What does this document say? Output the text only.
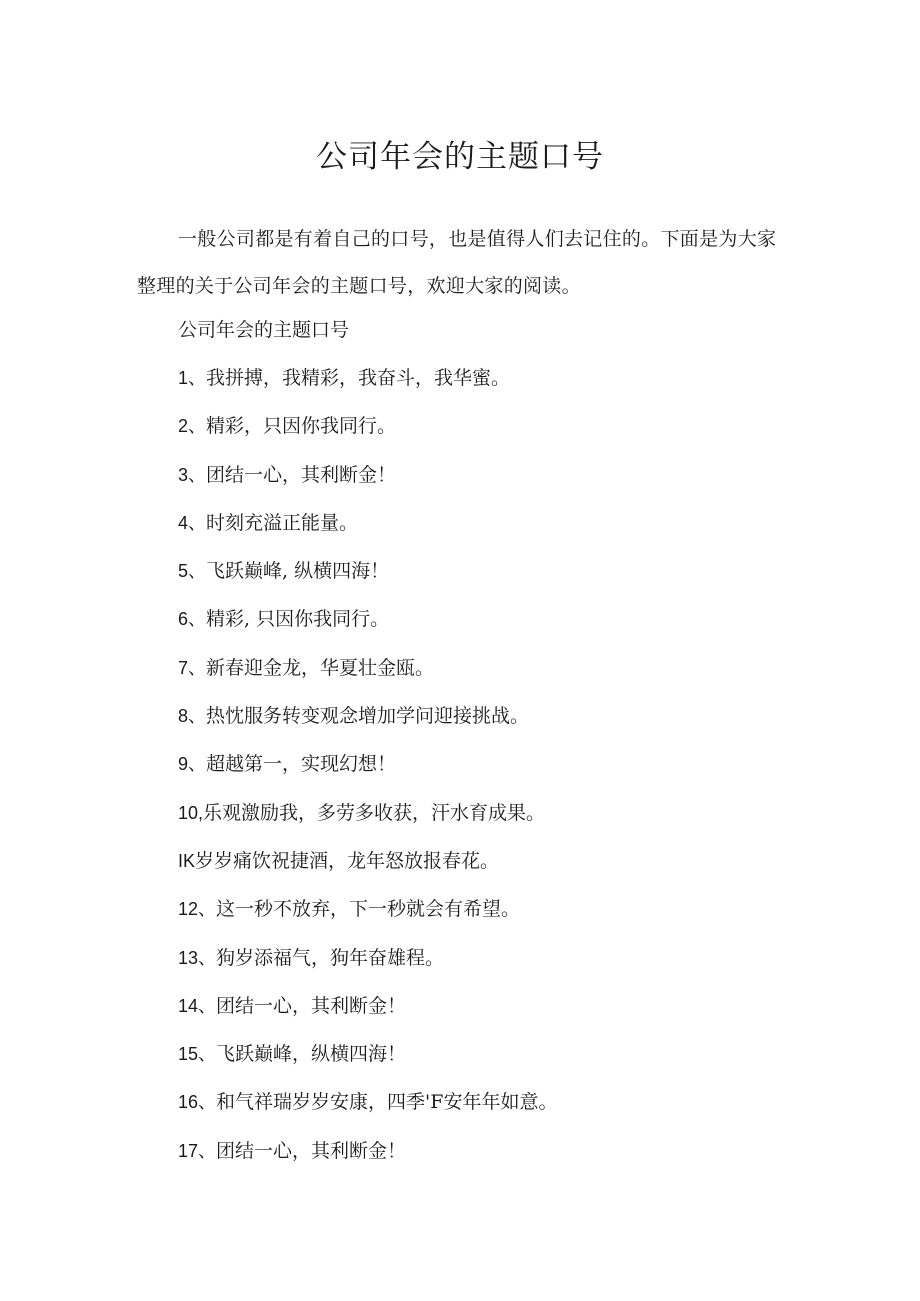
公司年会的主题口号

一般公司都是有着自己的口号，也是值得人们去记住的。下面是为大家整理的关于公司年会的主题口号，欢迎大家的阅读。

公司年会的主题口号

1、我拼搏，我精彩，我奋斗，我华蜜。
2、精彩，只因你我同行。
3、团结一心，其利断金！
4、时刻充溢正能量。
5、飞跃巅峰, 纵横四海！
6、精彩, 只因你我同行。
7、新春迎金龙，华夏壮金瓯。
8、热忱服务转变观念增加学问迎接挑战。
9、超越第一，实现幻想！
10,乐观激励我，多劳多收获，汗水育成果。
IK岁岁痛饮祝捷酒，龙年怒放报春花。
12、这一秒不放弃，下一秒就会有希望。
13、狗岁添福气，狗年奋雄程。
14、团结一心，其利断金！
15、飞跃巅峰，纵横四海！
16、和气祥瑞岁岁安康，四季'F安年年如意。
17、团结一心，其利断金！
